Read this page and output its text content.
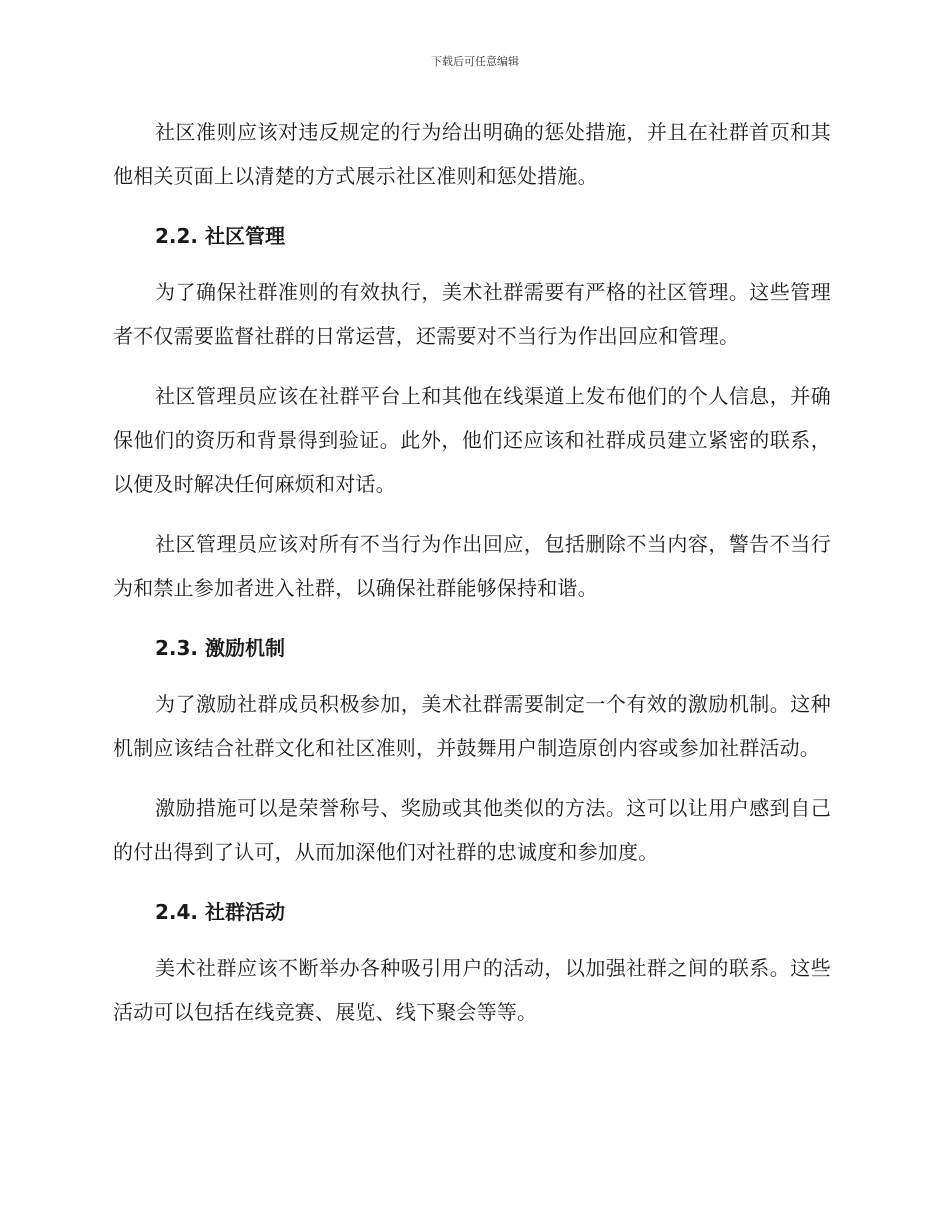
下载后可任意编辑

社区准则应该对违反规定的行为给出明确的惩处措施，并且在社群首页和其他相关页面上以清楚的方式展示社区准则和惩处措施。

2.2. 社区管理

为了确保社群准则的有效执行，美术社群需要有严格的社区管理。这些管理者不仅需要监督社群的日常运营，还需要对不当行为作出回应和管理。

社区管理员应该在社群平台上和其他在线渠道上发布他们的个人信息，并确保他们的资历和背景得到验证。此外，他们还应该和社群成员建立紧密的联系，以便及时解决任何麻烦和对话。

社区管理员应该对所有不当行为作出回应，包括删除不当内容，警告不当行为和禁止参加者进入社群，以确保社群能够保持和谐。

2.3. 激励机制

为了激励社群成员积极参加，美术社群需要制定一个有效的激励机制。这种机制应该结合社群文化和社区准则，并鼓舞用户制造原创内容或参加社群活动。

激励措施可以是荣誉称号、奖励或其他类似的方法。这可以让用户感到自己的付出得到了认可，从而加深他们对社群的忠诚度和参加度。

2.4. 社群活动

美术社群应该不断举办各种吸引用户的活动，以加强社群之间的联系。这些活动可以包括在线竞赛、展览、线下聚会等等。
